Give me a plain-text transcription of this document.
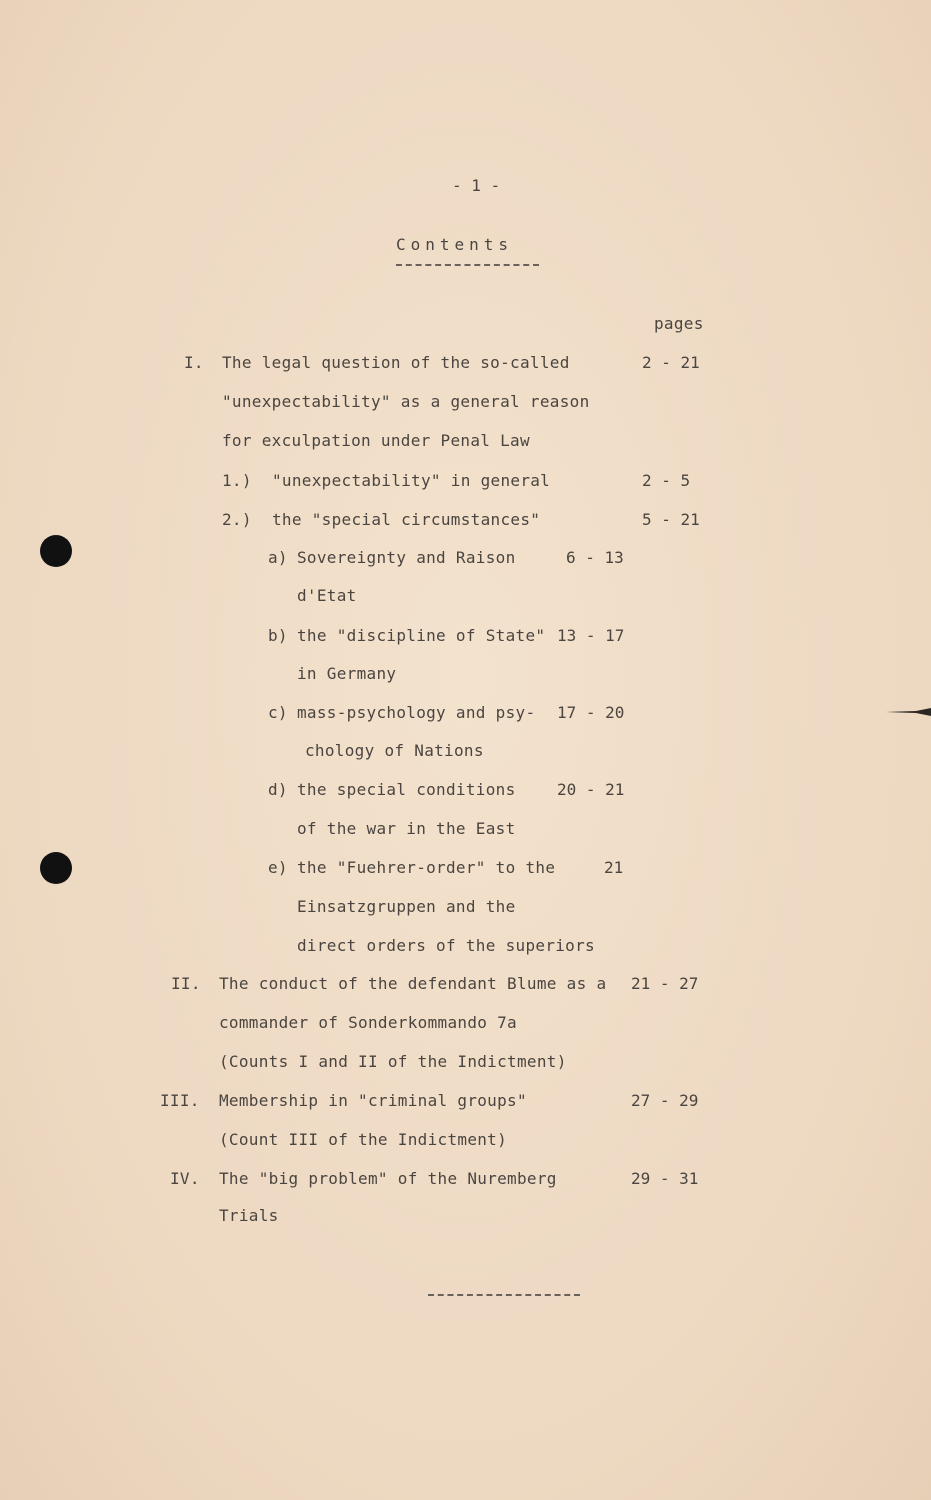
- 1 -
Contents
pages
I. The legal question of the so-called
"unexpectability" as a general reason
for exculpation under Penal Law
2 - 21
1.) "unexpectability" in general	2 - 5
2.) the "special circumstances"	5 - 21
a) Sovereignty and Raison
d'Etat
6 - 13
b) the "discipline of State"
in Germany
13 - 17
c) mass-psychology and psy-
chology of Nations
17 - 20
d) the special conditions
of the war in the East
20 - 21
e) the "Fuehrer-order" to the
Einsatzgruppen and the
direct orders of the superiors
21
II. The conduct of the defendant Blume as a
commander of Sonderkommando 7a
(Counts I and II of the Indictment)
21 - 27
III. Membership in "criminal groups"
(Count III of the Indictment)
27 - 29
IV. The "big problem" of the Nuremberg
Trials
29 - 31
